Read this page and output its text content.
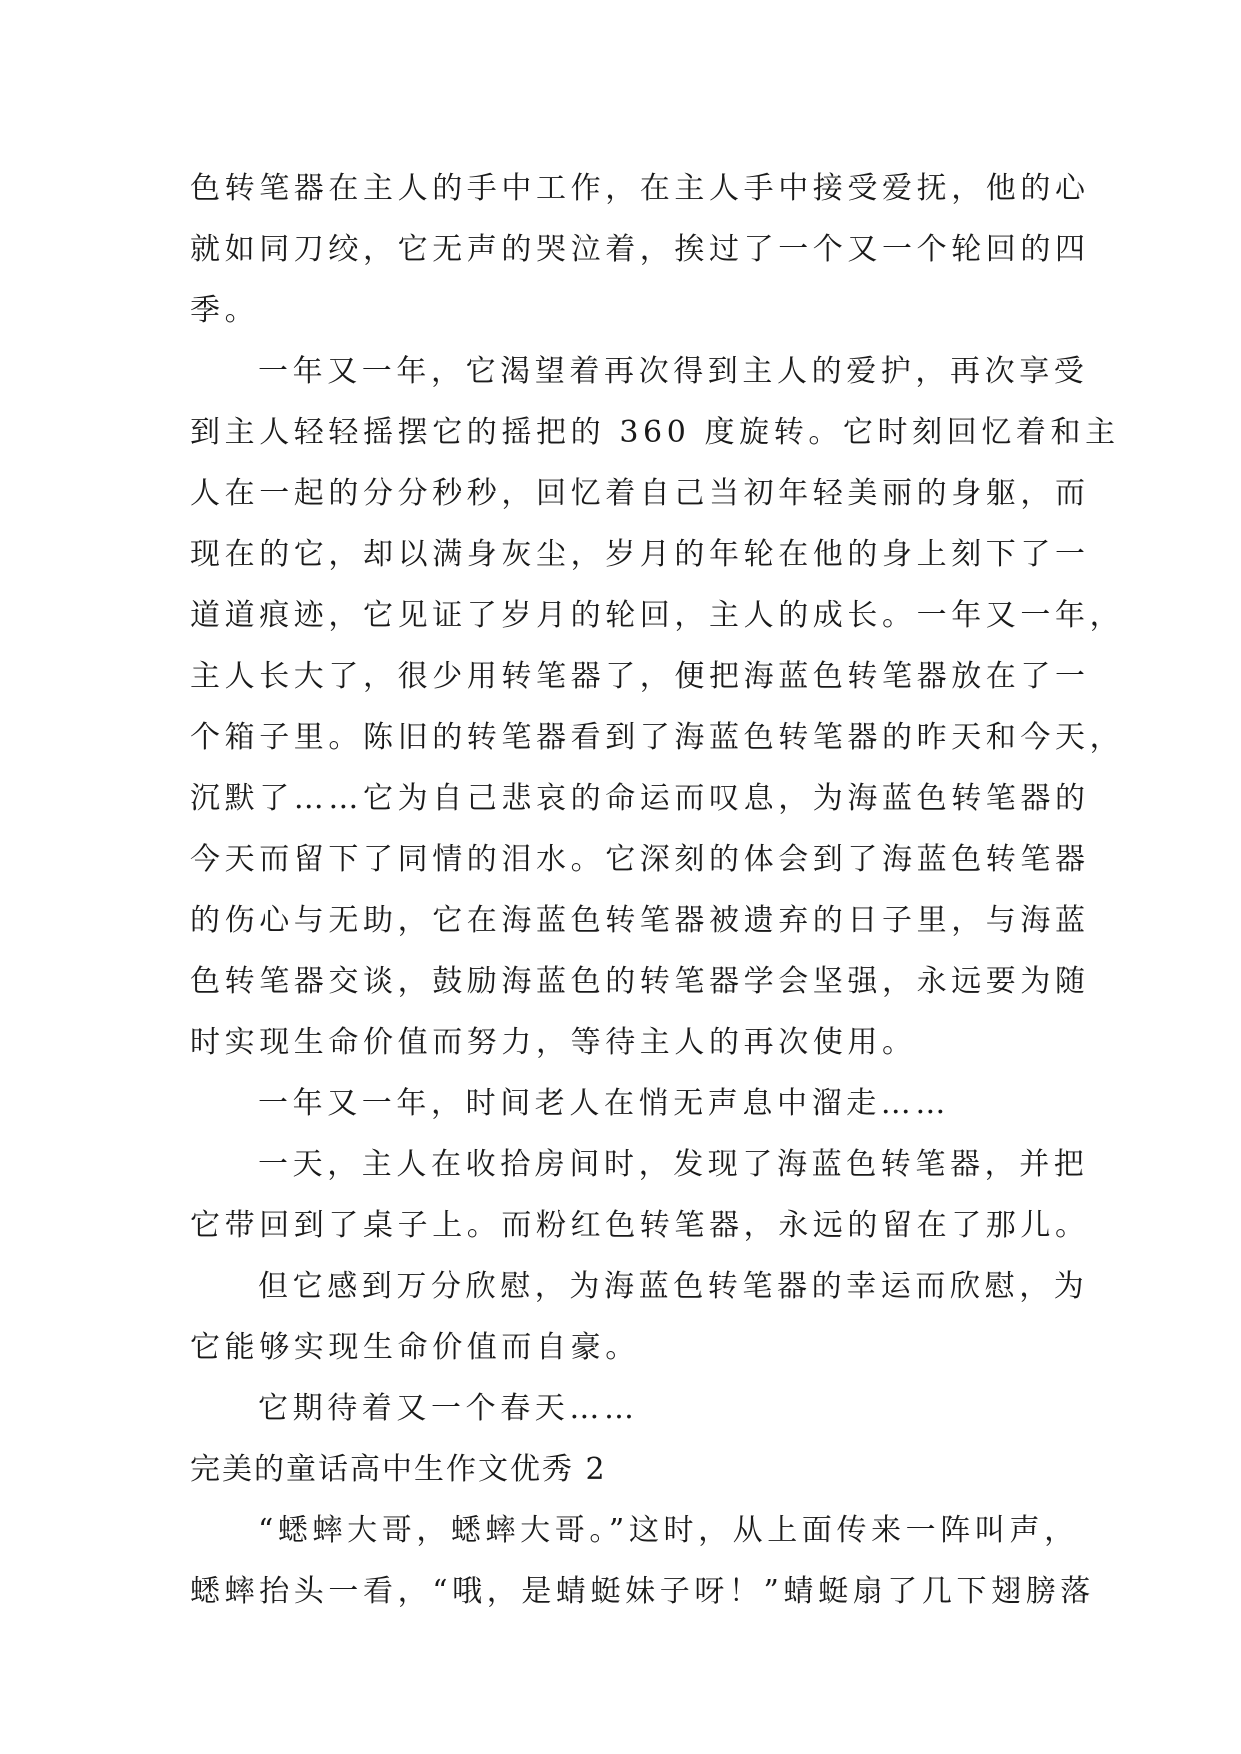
色转笔器在主人的手中工作，在主人手中接受爱抚，他的心
就如同刀绞，它无声的哭泣着，挨过了一个又一个轮回的四
季。
一年又一年，它渴望着再次得到主人的爱护，再次享受
到主人轻轻摇摆它的摇把的 360 度旋转。它时刻回忆着和主
人在一起的分分秒秒，回忆着自己当初年轻美丽的身躯，而
现在的它，却以满身灰尘，岁月的年轮在他的身上刻下了一
道道痕迹，它见证了岁月的轮回，主人的成长。一年又一年，
主人长大了，很少用转笔器了，便把海蓝色转笔器放在了一
个箱子里。陈旧的转笔器看到了海蓝色转笔器的昨天和今天，
沉默了……它为自己悲哀的命运而叹息，为海蓝色转笔器的
今天而留下了同情的泪水。它深刻的体会到了海蓝色转笔器
的伤心与无助，它在海蓝色转笔器被遗弃的日子里，与海蓝
色转笔器交谈，鼓励海蓝色的转笔器学会坚强，永远要为随
时实现生命价值而努力，等待主人的再次使用。
一年又一年，时间老人在悄无声息中溜走……
一天，主人在收拾房间时，发现了海蓝色转笔器，并把
它带回到了桌子上。而粉红色转笔器，永远的留在了那儿。
但它感到万分欣慰，为海蓝色转笔器的幸运而欣慰，为
它能够实现生命价值而自豪。
它期待着又一个春天……
完美的童话高中生作文优秀 2
“蟋蟀大哥，蟋蟀大哥。”这时，从上面传来一阵叫声，
蟋蟀抬头一看，“哦，是蜻蜓妹子呀！”蜻蜓扇了几下翅膀落
